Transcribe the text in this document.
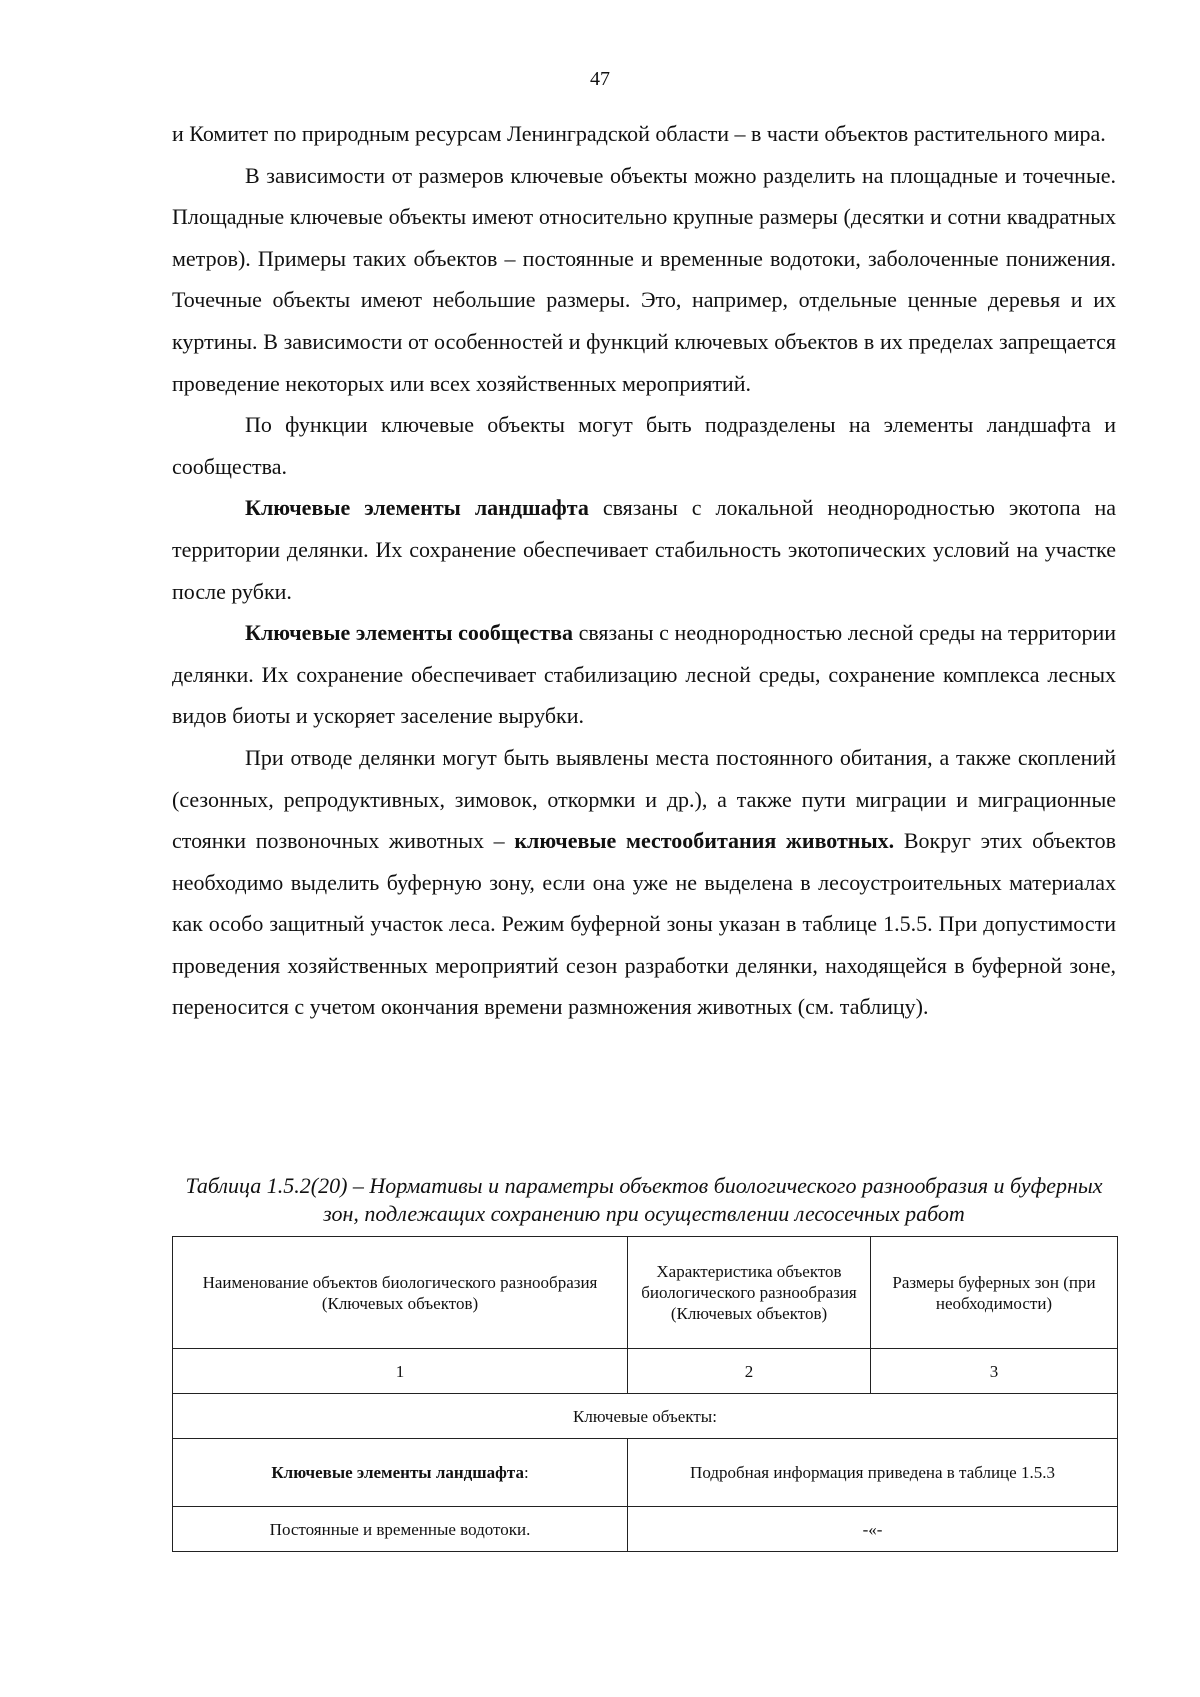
47

и Комитет по природным ресурсам Ленинградской области – в части объектов растительного мира.

В зависимости от размеров ключевые объекты можно разделить на площадные и точечные. Площадные ключевые объекты имеют относительно крупные размеры (десятки и сотни квадратных метров). Примеры таких объектов – постоянные и временные водотоки, заболоченные понижения. Точечные объекты имеют небольшие размеры. Это, например, отдельные ценные деревья и их куртины. В зависимости от особенностей и функций ключевых объектов в их пределах запрещается проведение некоторых или всех хозяйственных мероприятий.

По функции ключевые объекты могут быть подразделены на элементы ландшафта и сообщества.

Ключевые элементы ландшафта связаны с локальной неоднородностью экотопа на территории делянки. Их сохранение обеспечивает стабильность экотопических условий на участке после рубки.

Ключевые элементы сообщества связаны с неоднородностью лесной среды на территории делянки. Их сохранение обеспечивает стабилизацию лесной среды, сохранение комплекса лесных видов биоты и ускоряет заселение вырубки.

При отводе делянки могут быть выявлены места постоянного обитания, а также скоплений (сезонных, репродуктивных, зимовок, откормки и др.), а также пути миграции и миграционные стоянки позвоночных животных – ключевые местообитания животных. Вокруг этих объектов необходимо выделить буферную зону, если она уже не выделена в лесоустроительных материалах как особо защитный участок леса. Режим буферной зоны указан в таблице 1.5.5. При допустимости проведения хозяйственных мероприятий сезон разработки делянки, находящейся в буферной зоне, переносится с учетом окончания времени размножения животных (см. таблицу).

Таблица 1.5.2(20) – Нормативы и параметры объектов биологического разнообразия и буферных зон, подлежащих сохранению при осуществлении лесосечных работ

Наименование объектов биологического разнообразия (Ключевых объектов)	Характеристика объектов биологического разнообразия (Ключевых объектов)	Размеры буферных зон (при необходимости)
1	2	3
Ключевые объекты:		
Ключевые элементы ландшафта:	Подробная информация приведена в таблице 1.5.3	
Постоянные и временные водотоки.	-«-	
